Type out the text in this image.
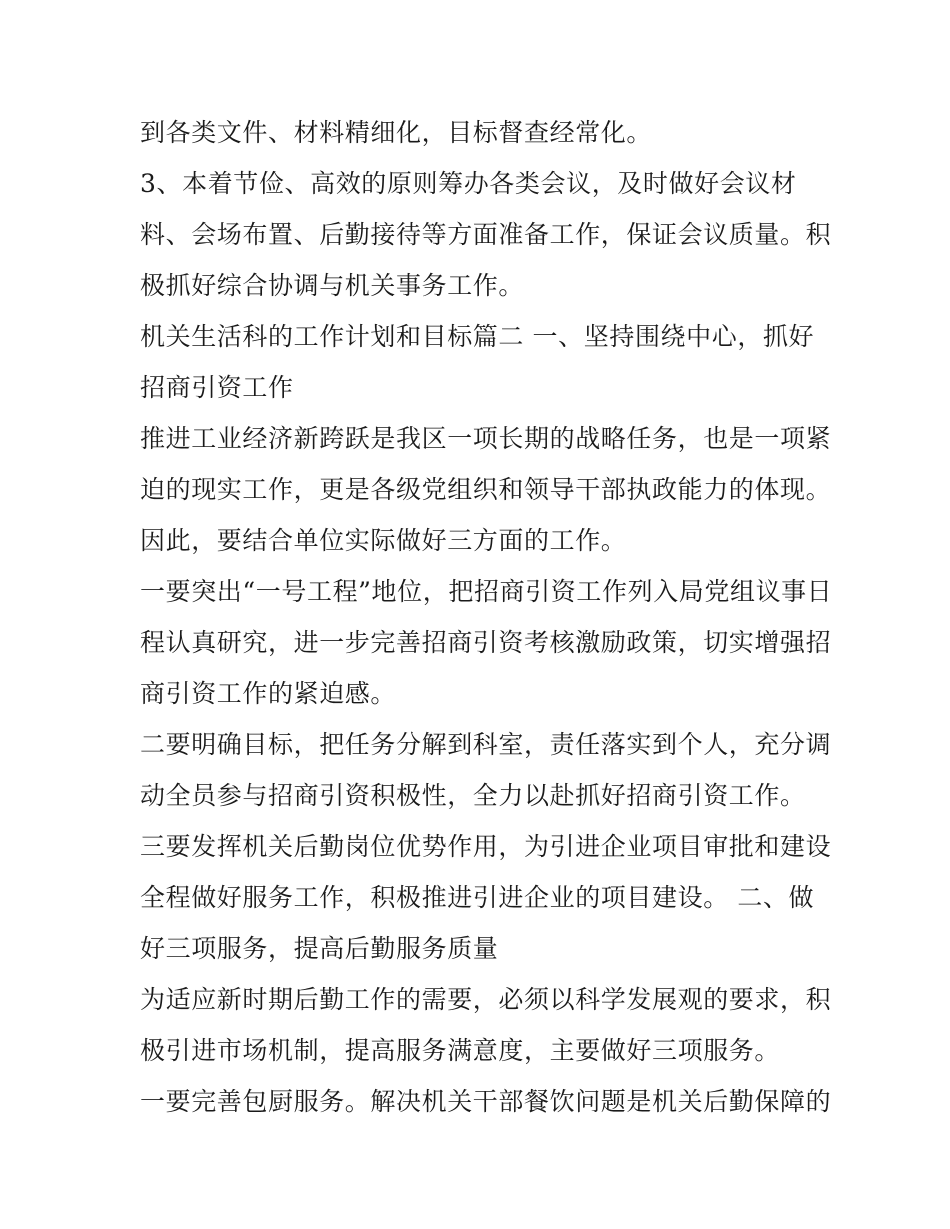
到各类文件、材料精细化，目标督查经常化。
3、本着节俭、高效的原则筹办各类会议，及时做好会议材
料、会场布置、后勤接待等方面准备工作，保证会议质量。积
极抓好综合协调与机关事务工作。
机关生活科的工作计划和目标篇二 一、坚持围绕中心，抓好
招商引资工作
推进工业经济新跨跃是我区一项长期的战略任务，也是一项紧
迫的现实工作，更是各级党组织和领导干部执政能力的体现。
因此，要结合单位实际做好三方面的工作。
一要突出“一号工程”地位，把招商引资工作列入局党组议事日
程认真研究，进一步完善招商引资考核激励政策，切实增强招
商引资工作的紧迫感。
二要明确目标，把任务分解到科室，责任落实到个人，充分调
动全员参与招商引资积极性，全力以赴抓好招商引资工作。
三要发挥机关后勤岗位优势作用，为引进企业项目审批和建设
全程做好服务工作，积极推进引进企业的项目建设。 二、做
好三项服务，提高后勤服务质量
为适应新时期后勤工作的需要，必须以科学发展观的要求，积
极引进市场机制，提高服务满意度，主要做好三项服务。
一要完善包厨服务。解决机关干部餐饮问题是机关后勤保障的
